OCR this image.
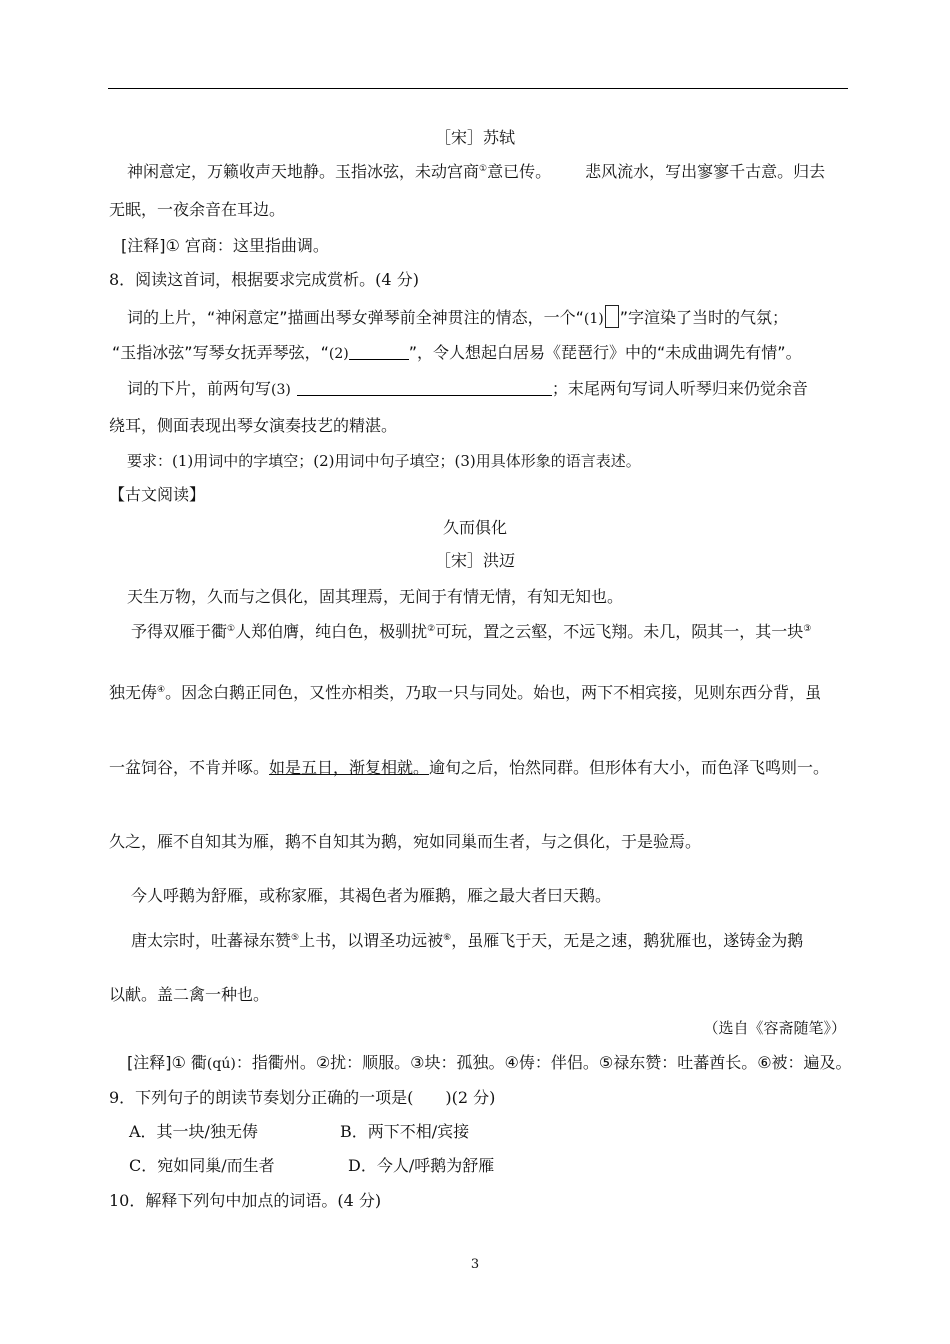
［宋］苏轼
神闲意定，万籁收声天地静。玉指冰弦，未动宫商①意已传。 悲风流水，写出寥寥千古意。归去
无眠，一夜余音在耳边。
[注释]① 宫商：这里指曲调。
8．阅读这首词，根据要求完成赏析。(4 分)
词的上片，“神闲意定”描画出琴女弹琴前全神贯注的情态，一个“(1) ”字渲染了当时的气氛；
“玉指冰弦”写琴女抚弄琴弦，“(2)	”，令人想起白居易《琵琶行》中的“未成曲调先有情”。
词的下片，前两句写(3)	；末尾两句写词人听琴归来仍觉余音
绕耳，侧面表现出琴女演奏技艺的精湛。
要求：(1)用词中的字填空；(2)用词中句子填空；(3)用具体形象的语言表述。
【古文阅读】
久而俱化
［宋］洪迈
天生万物，久而与之俱化，固其理焉，无间于有情无情，有知无知也。
予得双雁于衢①人郑伯膺，纯白色，极驯扰②可玩，置之云壑，不远飞翔。未几，陨其一，其一块③
独无俦④。因念白鹅正同色，又性亦相类，乃取一只与同处。始也，两下不相宾接，见则东西分背，虽
一盆饲谷，不肯并啄。如是五日，渐复相就。逾旬之后，怡然同群。但形体有大小，而色泽飞鸣则一。
久之，雁不自知其为雁，鹅不自知其为鹅，宛如同巢而生者，与之俱化，于是验焉。
今人呼鹅为舒雁，或称家雁，其褐色者为雁鹅，雁之最大者曰天鹅。
唐太宗时，吐蕃禄东赞⑤上书，以谓圣功远被⑥，虽雁飞于天，无是之速，鹅犹雁也，遂铸金为鹅
以献。盖二禽一种也。
（选自《容斋随笔》）
[注释]① 衢(qú)：指衢州。②扰：顺服。③块：孤独。④俦：伴侣。⑤禄东赞：吐蕃酋长。⑥被：遍及。
9．下列句子的朗读节奏划分正确的一项是(　　)(2 分)
A．其一块/独无俦	B．两下不相/宾接
C．宛如同巢/而生者	D．今人/呼鹅为舒雁
10．解释下列句中加点的词语。(4 分)
3
